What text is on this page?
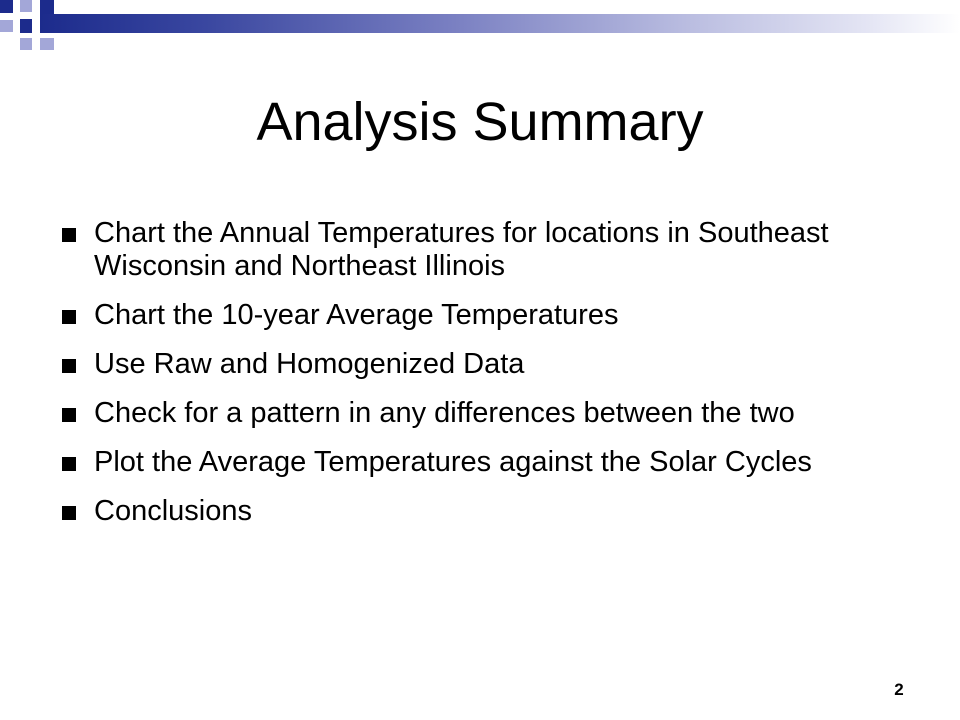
Analysis Summary
Chart the Annual Temperatures for locations in Southeast Wisconsin and Northeast Illinois
Chart the 10-year Average Temperatures
Use Raw and Homogenized Data
Check for a pattern in any differences between the two
Plot the Average Temperatures against the Solar Cycles
Conclusions
2
